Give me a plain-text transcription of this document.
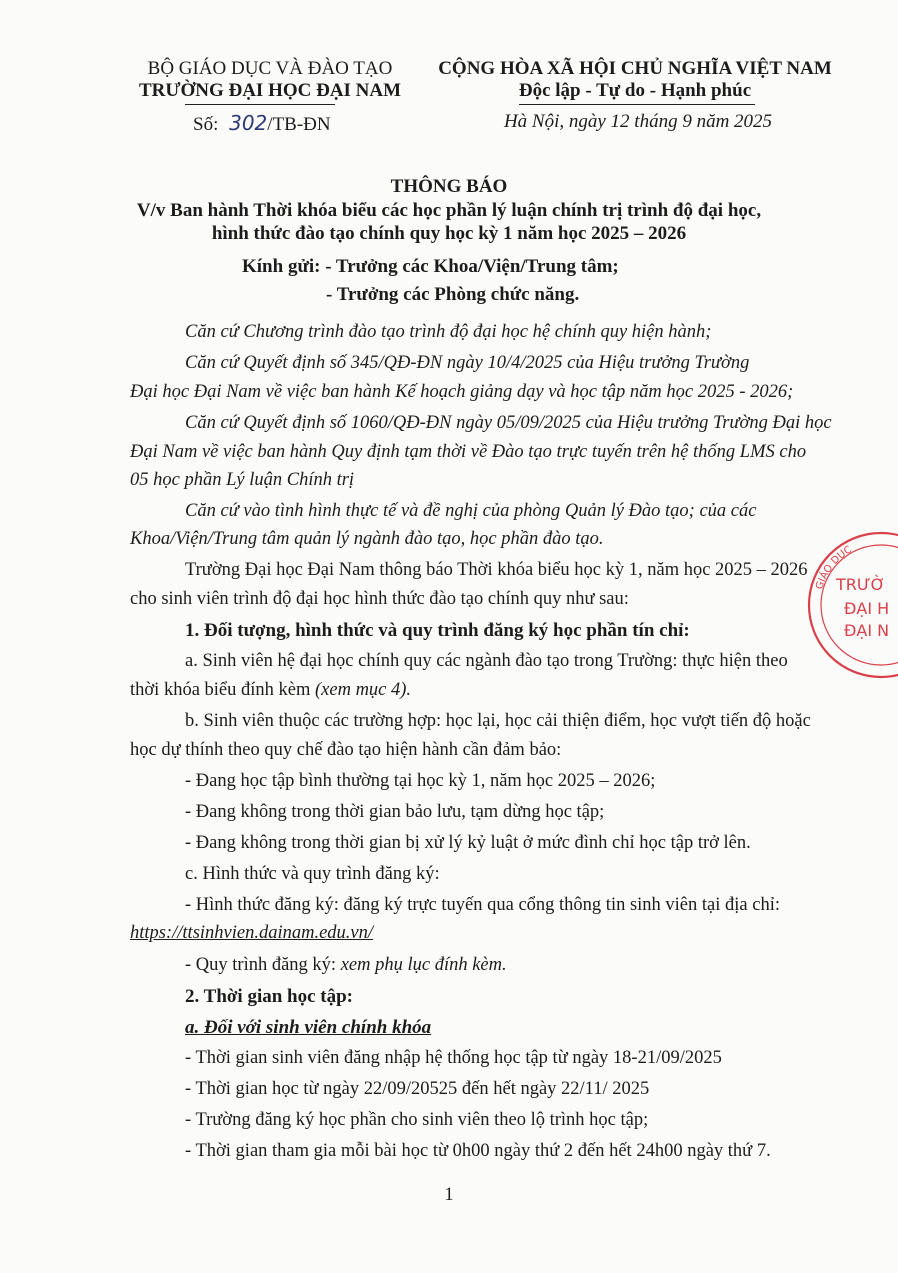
BỘ GIÁO DỤC VÀ ĐÀO TẠO
TRƯỜNG ĐẠI HỌC ĐẠI NAM
Số: 302/TB-ĐN
CỘNG HÒA XÃ HỘI CHỦ NGHĨA VIỆT NAM
Độc lập - Tự do - Hạnh phúc
Hà Nội, ngày 12 tháng 9 năm 2025
THÔNG BÁO
V/v Ban hành Thời khóa biểu các học phần lý luận chính trị trình độ đại học,
hình thức đào tạo chính quy học kỳ 1 năm học 2025 – 2026
Kính gửi: - Trưởng các Khoa/Viện/Trung tâm;
- Trưởng các Phòng chức năng.
Căn cứ Chương trình đào tạo trình độ đại học hệ chính quy hiện hành;
Căn cứ Quyết định số 345/QĐ-ĐN ngày 10/4/2025 của Hiệu trưởng Trường
Đại học Đại Nam về việc ban hành Kế hoạch giảng dạy và học tập năm học 2025 - 2026;
Căn cứ Quyết định số 1060/QĐ-ĐN ngày 05/09/2025 của Hiệu trưởng Trường Đại học
Đại Nam về việc ban hành Quy định tạm thời về Đào tạo trực tuyến trên hệ thống LMS cho
05 học phần Lý luận Chính trị
Căn cứ vào tình hình thực tế và đề nghị của phòng Quản lý Đào tạo; của các
Khoa/Viện/Trung tâm quản lý ngành đào tạo, học phần đào tạo.
Trường Đại học Đại Nam thông báo Thời khóa biểu học kỳ 1, năm học 2025 – 2026
cho sinh viên trình độ đại học hình thức đào tạo chính quy như sau:
1. Đối tượng, hình thức và quy trình đăng ký học phần tín chỉ:
a. Sinh viên hệ đại học chính quy các ngành đào tạo trong Trường: thực hiện theo
thời khóa biểu đính kèm (xem mục 4).
b. Sinh viên thuộc các trường hợp: học lại, học cải thiện điểm, học vượt tiến độ hoặc
học dự thính theo quy chế đào tạo hiện hành cần đảm bảo:
- Đang học tập bình thường tại học kỳ 1, năm học 2025 – 2026;
- Đang không trong thời gian bảo lưu, tạm dừng học tập;
- Đang không trong thời gian bị xử lý kỷ luật ở mức đình chỉ học tập trở lên.
c. Hình thức và quy trình đăng ký:
- Hình thức đăng ký: đăng ký trực tuyến qua cổng thông tin sinh viên tại địa chỉ:
https://ttsinhvien.dainam.edu.vn/
- Quy trình đăng ký: xem phụ lục đính kèm.
2. Thời gian học tập:
a. Đối với sinh viên chính khóa
- Thời gian sinh viên đăng nhập hệ thống học tập từ ngày 18-21/09/2025
- Thời gian học từ ngày 22/09/20525 đến hết ngày 22/11/ 2025
- Trường đăng ký học phần cho sinh viên theo lộ trình học tập;
- Thời gian tham gia mỗi bài học từ 0h00 ngày thứ 2 đến hết 24h00 ngày thứ 7.
1
GIÁO DỤC
TRƯỜ
ĐẠI H
ĐẠI N
